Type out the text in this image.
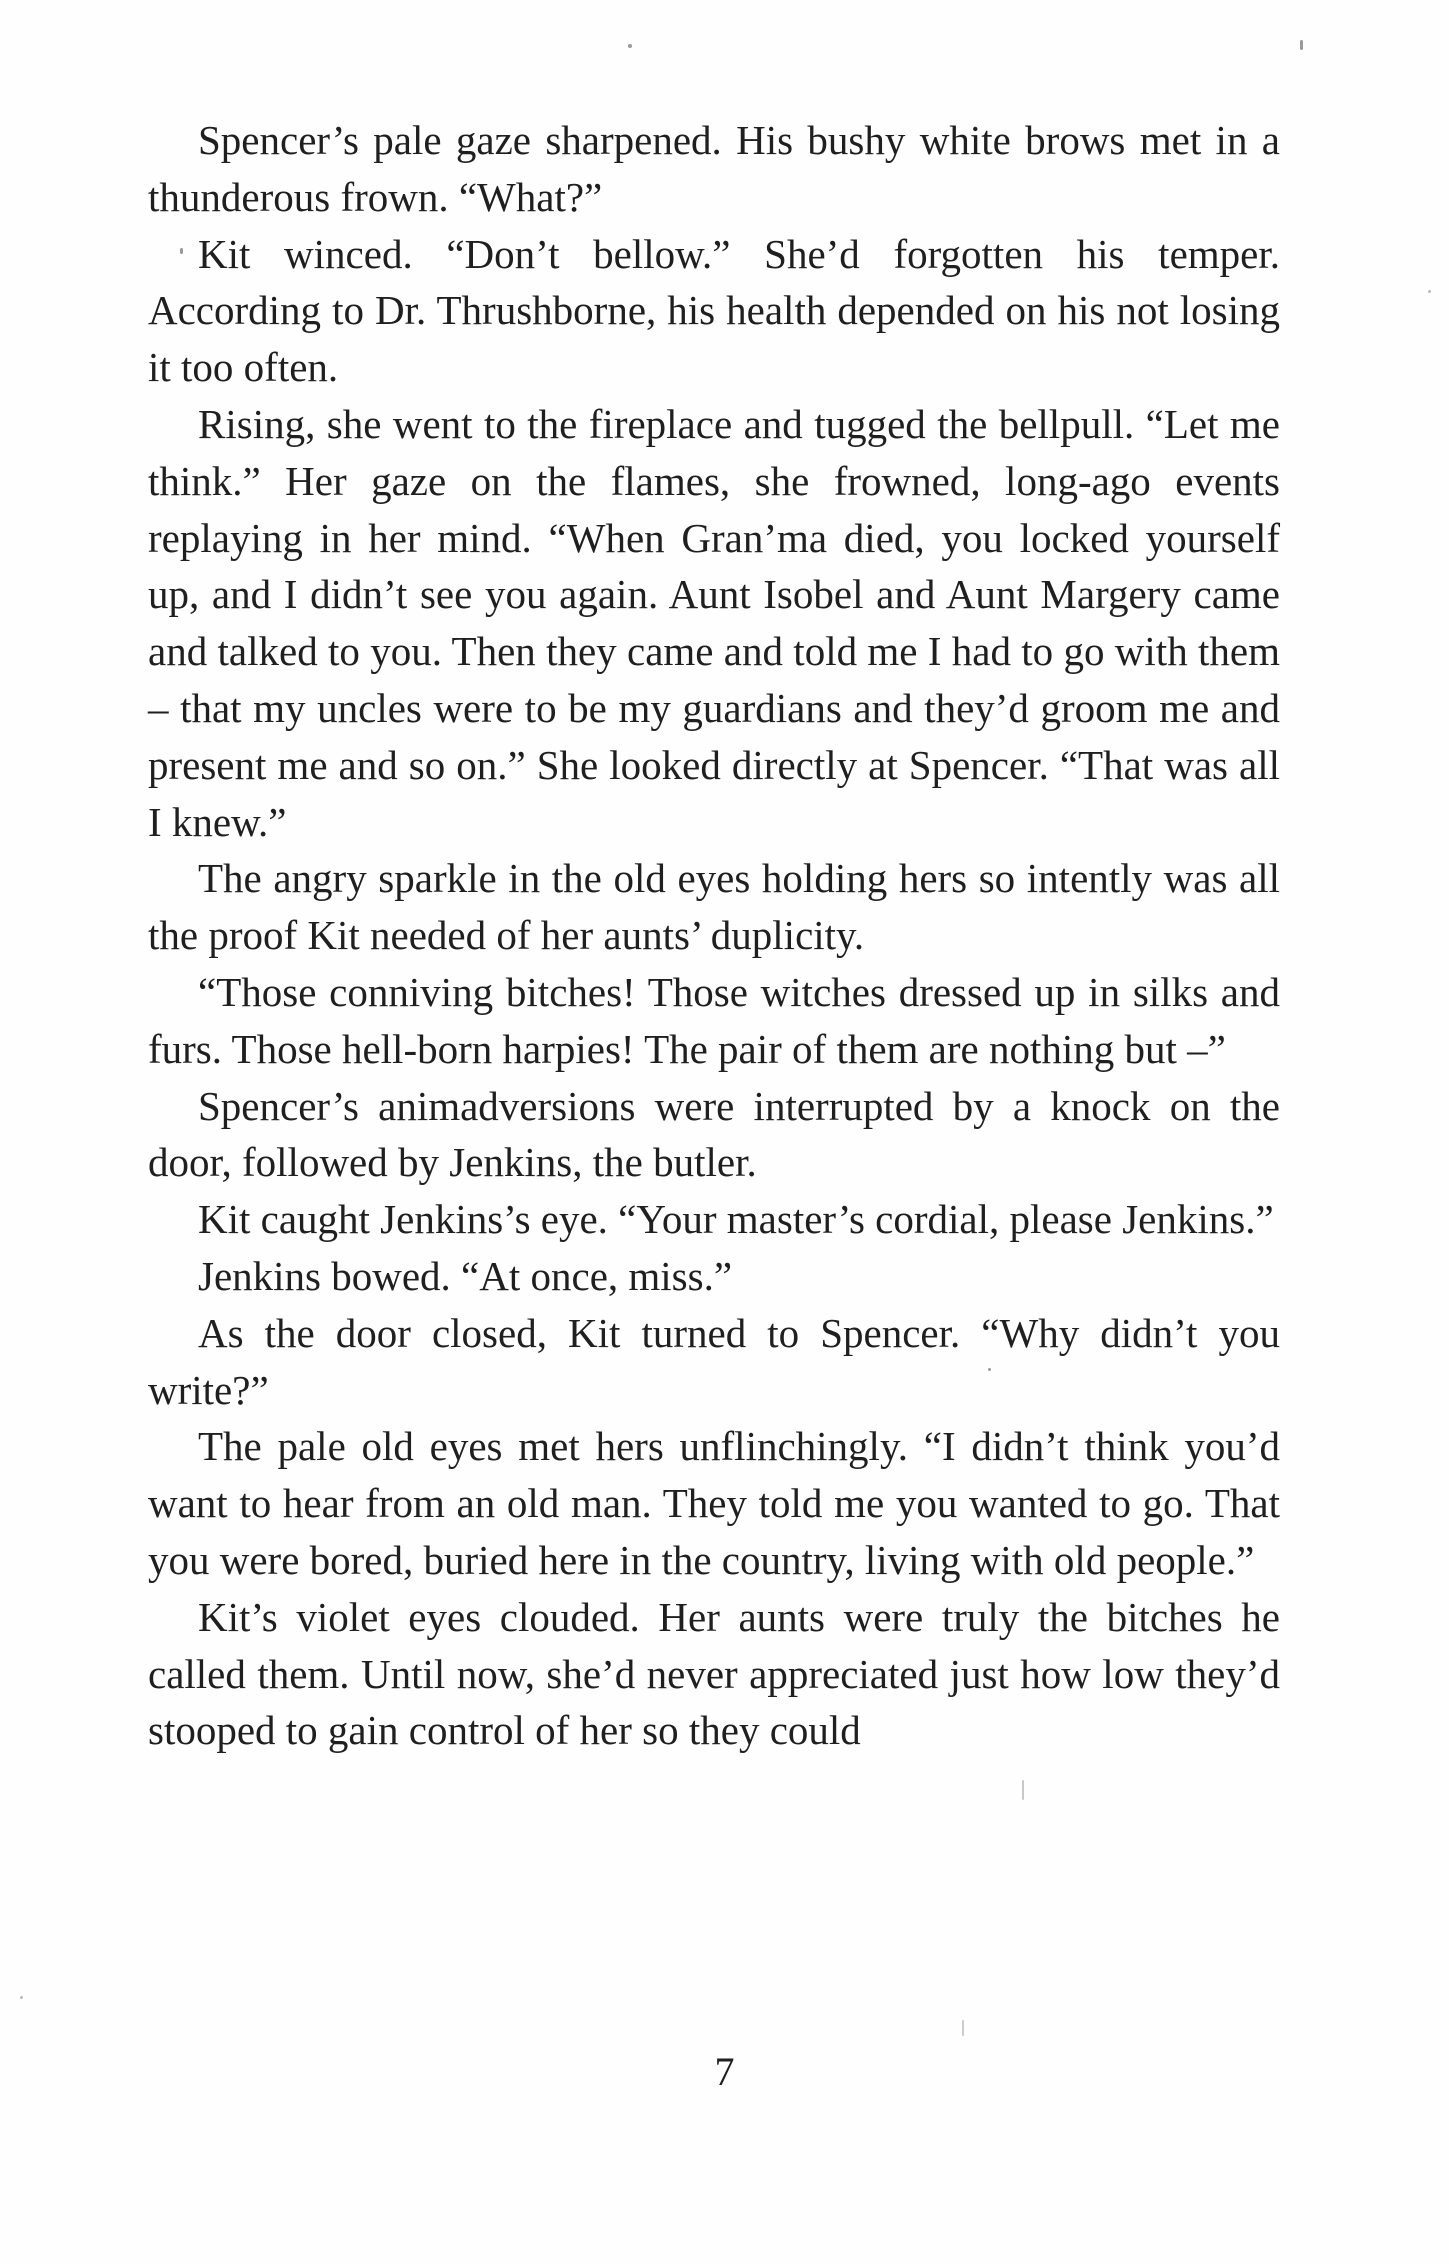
Spencer’s pale gaze sharpened. His bushy white brows met in a thunderous frown. “What?”

Kit winced. “Don’t bellow.” She’d forgotten his temper. According to Dr. Thrushborne, his health depended on his not losing it too often.

Rising, she went to the fireplace and tugged the bellpull. “Let me think.” Her gaze on the flames, she frowned, long-ago events replaying in her mind. “When Gran’ma died, you locked yourself up, and I didn’t see you again. Aunt Isobel and Aunt Margery came and talked to you. Then they came and told me I had to go with them – that my uncles were to be my guardians and they’d groom me and present me and so on.” She looked directly at Spencer. “That was all I knew.”

The angry sparkle in the old eyes holding hers so intently was all the proof Kit needed of her aunts’ duplicity.

“Those conniving bitches! Those witches dressed up in silks and furs. Those hell-born harpies! The pair of them are nothing but –”

Spencer’s animadversions were interrupted by a knock on the door, followed by Jenkins, the butler.

Kit caught Jenkins’s eye. “Your master’s cordial, please Jenkins.”

Jenkins bowed. “At once, miss.”

As the door closed, Kit turned to Spencer. “Why didn’t you write?”

The pale old eyes met hers unflinchingly. “I didn’t think you’d want to hear from an old man. They told me you wanted to go. That you were bored, buried here in the country, living with old people.”

Kit’s violet eyes clouded. Her aunts were truly the bitches he called them. Until now, she’d never appreciated just how low they’d stooped to gain control of her so they could

7
